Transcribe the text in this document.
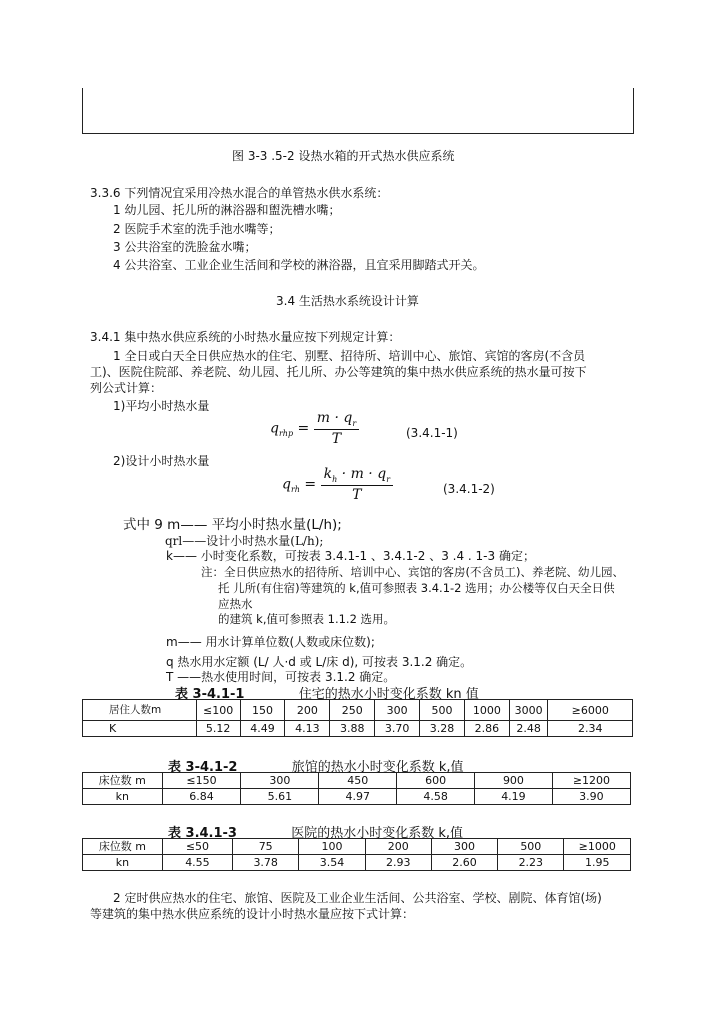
图 3-3 .5-2 设热水箱的开式热水供应系统
3.3.6 下列情况宜采用冷热水混合的单管热水供水系统：
1 幼儿园、托儿所的淋浴器和盥洗槽水嘴；
2 医院手术室的洗手池水嘴等；
3 公共浴室的洗脸盆水嘴；
4 公共浴室、工业企业生活间和学校的淋浴器，且宜采用脚踏式开关。
3.4 生活热水系统设计计算
3.4.1 集中热水供应系统的小时热水量应按下列规定计算：
1 全日或白天全日供应热水的住宅、别墅、招待所、培训中心、旅馆、宾馆的客房(不含员
工)、医院住院部、养老院、幼儿园、托儿所、办公等建筑的集中热水供应系统的热水量可按下
列公式计算：
1)平均小时热水量
$q_{rhp} = \frac{m \cdot q_r}{T}$	(3.4.1-1)
2)设计小时热水量
$q_{rh} = \frac{k_h \cdot m \cdot q_r}{T}$	(3.4.1-2)
式中 9 m—— 平均小时热水量(L/h);
qrl——设计小时热水量(L/h);
k—— 小时变化系数，可按表 3.4.1-1 、3.4.1-2 、3 .4 . 1-3 确定；
注：全日供应热水的招待所、培训中心、宾馆的客房(不含员工)、养老院、幼儿园、
托 儿所(有住宿)等建筑的 k,值可参照表 3.4.1-2 选用；办公楼等仅白天全日供
应热水
的建筑 k,值可参照表 1.1.2 选用。
m—— 用水计算单位数(人数或床位数);
q 热水用水定额 (L/ 人·d 或 L/床 d), 可按表 3.1.2 确定。
T ——热水使用时间，可按表 3.1.2 确定。
表 3-4.1-1	住宅的热水小时变化系数 kn 值
居住人数m	≤100	150	200	250	300	500	1000	3000	≥6000
K	5.12	4.49	4.13	3.88	3.70	3.28	2.86	2.48	2.34
表 3-4.1-2	旅馆的热水小时变化系数 k,值
床位数 m	≤150	300	450	600	900	≥1200
kn	6.84	5.61	4.97	4.58	4.19	3.90
表 3.4.1-3	医院的热水小时变化系数 k,值
床位数 m	≤50	75	100	200	300	500	≥1000
kn	4.55	3.78	3.54	2.93	2.60	2.23	1.95
2 定时供应热水的住宅、旅馆、医院及工业企业生活间、公共浴室、学校、剧院、体育馆(场)
等建筑的集中热水供应系统的设计小时热水量应按下式计算：
